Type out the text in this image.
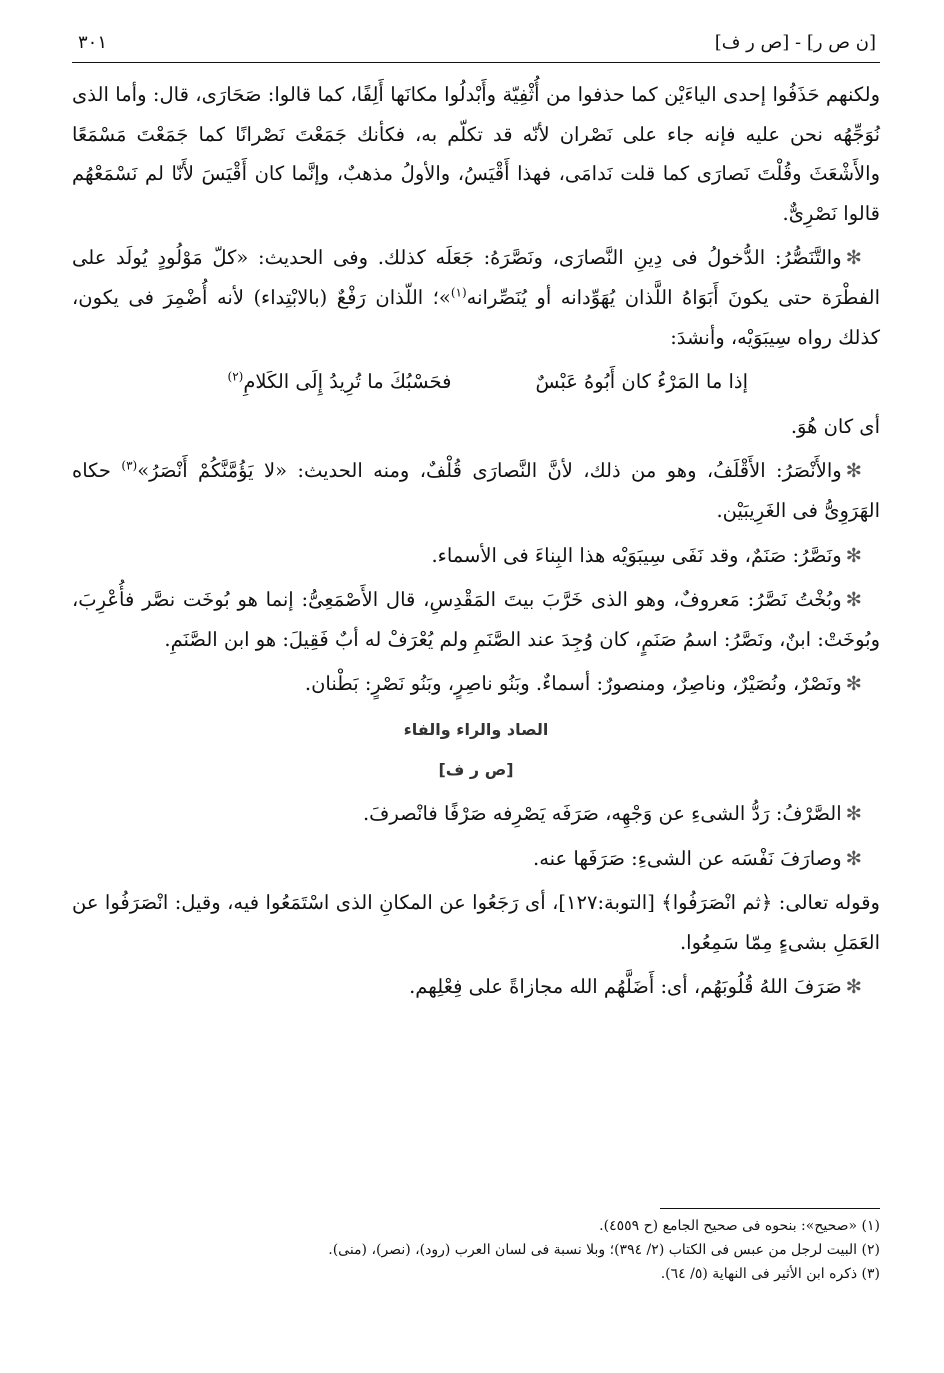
[ن ص ر] - [ص ر ف]
٣٠١

ولكنهم حَذَفُوا إحدى الياءَيْن كما حذفوا من أُثْفِيّة وأَبْدلُوا مكانَها أَلِفًا، كما قالوا: صَحَارَى، قال: وأما الذى نُوَجِّهُه نحن عليه فإنه جاء على نَصْران لأنّه قد تكلّم به، فكأنك جَمَعْتَ نَصْرانًا كما جَمَعْتَ مَسْمَعًا والأَشْعَثَ وقُلْتَ نَصارَى كما قلت نَدامَى، فهذا أَقْيَسُ، والأولُ مذهبٌ، وإنَّما كان أَقْيَسَ لأَنّا لم نَسْمَعْهُم قالوا نَصْرِىٌّ.

✻والتَّنَصُّرُ: الدُّخولُ فى دِينِ النَّصارَى، ونَصَّرَهُ: جَعَلَه كذلك. وفى الحديث: «كلّ مَوْلُودٍ يُولَد على الفطْرَة حتى يكونَ أَبَوَاهُ اللَّذان يُهَوِّدانه أو يُنَصِّرانه$^{(١)}$»؛ اللّذان رَفْعٌ (بالابْتِداء) لأنه أُضْمِرَ فى يكون، كذلك رواه سِيبَوَيْه، وأنشدَ:

إذا ما المَرْءُ كان أَبُوهُ عَبْسٌ
فحَسْبُكَ ما تُرِيدُ إِلَى الكَلامِ$^{(٢)}$

أى كان هُوَ.

✻والأَنْصَرُ: الأَقْلَفُ، وهو من ذلك، لأنَّ النَّصارَى قُلْفٌ، ومنه الحديث: «لا يَؤُمَّنَّكُمْ أَنْصَرُ»$^{(٣)}$ حكاه الهَرَوِىُّ فى الغَرِيبَيْن.

✻ونَصَّرُ: صَنَمٌ، وقد نَفَى سِيبَوَيْه هذا البِناءَ فى الأسماء.

✻وبُخْتُ نَصَّرُ: مَعروفٌ، وهو الذى خَرَّبَ بيتَ المَقْدِسِ، قال الأَصْمَعِىُّ: إنما هو بُوخَت نصَّر فأُعْرِبَ، وبُوخَتْ: ابنٌ، ونَصَّرُ: اسمُ صَنَمٍ، كان وُجِدَ عند الصَّنَمِ ولم يُعْرَفْ له أبٌ فَقِيلَ: هو ابن الصَّنَمِ.

✻ونَصْرٌ، ونُصَيْرٌ، وناصِرٌ، ومنصورٌ: أسماءٌ. وبَنُو ناصِرٍ، وبَنُو نَصْرٍ: بَطْنان.

الصاد والراء والفاء
[ص ر ف]

✻الصَّرْفُ: رَدُّ الشىءِ عن وَجْهِه، صَرَفَه يَصْرِفه صَرْفًا فانْصرفَ.

✻وصارَفَ نَفْسَه عن الشىءِ: صَرَفَها عنه.

وقوله تعالى: ﴿ثم انْصَرَفُوا﴾ [التوبة:١٢٧]، أى رَجَعُوا عن المكانِ الذى اسْتَمَعُوا فيه، وقيل: انْصَرَفُوا عن العَمَلِ بشىءٍ مِمّا سَمِعُوا.

✻صَرَفَ اللهُ قُلُوبَهُم، أى: أَضَلَّهُم الله مجازاةً على فِعْلِهم.

(١) «صحيح»: بنحوه فى صحيح الجامع (ح ٤٥٥٩).
(٢) البيت لرجل من عبس فى الكتاب (٢/ ٣٩٤)؛ وبلا نسبة فى لسان العرب (رود)، (نصر)، (منى).
(٣) ذكره ابن الأثير فى النهاية (٥/ ٦٤).
